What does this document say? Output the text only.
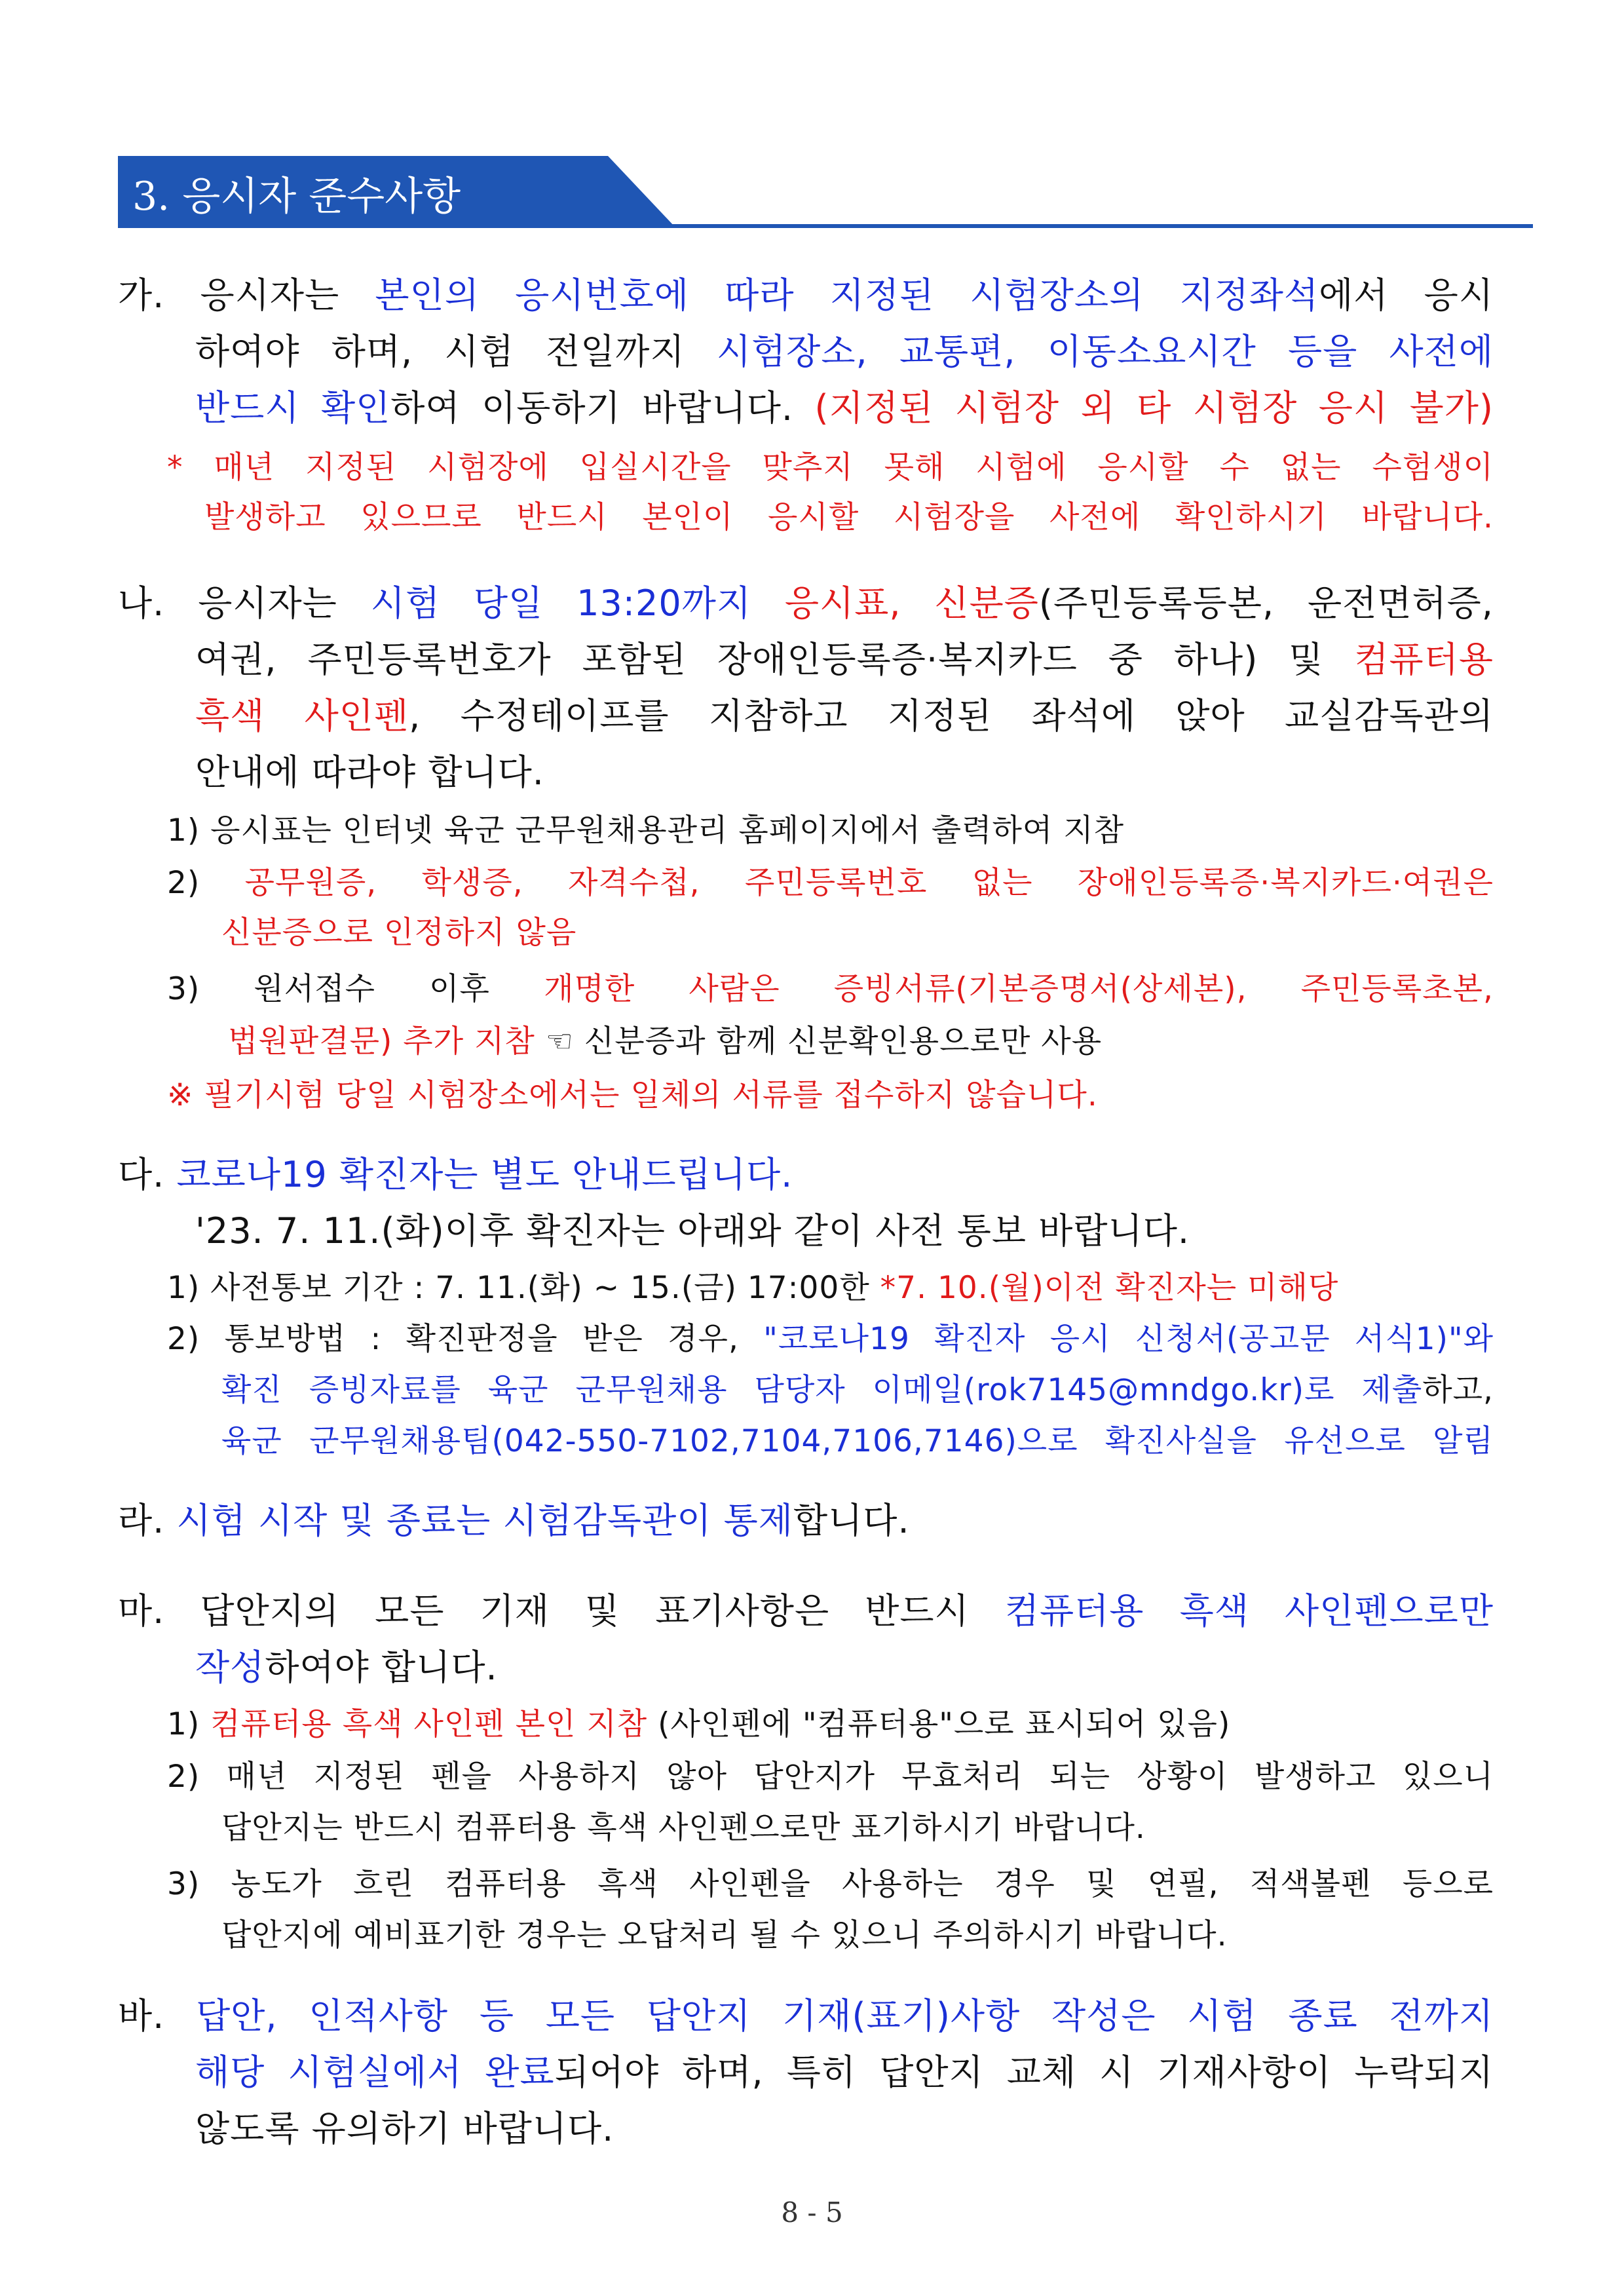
3. 응시자 준수사항
가. 응시자는 본인의 응시번호에 따라 지정된 시험장소의 지정좌석에서 응시
하여야 하며, 시험 전일까지 시험장소, 교통편, 이동소요시간 등을 사전에
반드시 확인하여 이동하기 바랍니다. (지정된 시험장 외 타 시험장 응시 불가)
* 매년 지정된 시험장에 입실시간을 맞추지 못해 시험에 응시할 수 없는 수험생이
발생하고 있으므로 반드시 본인이 응시할 시험장을 사전에 확인하시기 바랍니다.
나. 응시자는 시험 당일 13:20까지 응시표, 신분증(주민등록등본, 운전면허증,
여권, 주민등록번호가 포함된 장애인등록증·복지카드 중 하나) 및 컴퓨터용
흑색 사인펜, 수정테이프를 지참하고 지정된 좌석에 앉아 교실감독관의
안내에 따라야 합니다.
1) 응시표는 인터넷 육군 군무원채용관리 홈페이지에서 출력하여 지참
2) 공무원증, 학생증, 자격수첩, 주민등록번호 없는 장애인등록증·복지카드·여권은
신분증으로 인정하지 않음
3) 원서접수 이후 개명한 사람은 증빙서류(기본증명서(상세본), 주민등록초본,
법원판결문) 추가 지참 ☜ 신분증과 함께 신분확인용으로만 사용
※ 필기시험 당일 시험장소에서는 일체의 서류를 접수하지 않습니다.
다. 코로나19 확진자는 별도 안내드립니다.
'23. 7. 11.(화)이후 확진자는 아래와 같이 사전 통보 바랍니다.
1) 사전통보 기간 : 7. 11.(화) ~ 15.(금) 17:00한 *7. 10.(월)이전 확진자는 미해당
2) 통보방법 : 확진판정을 받은 경우, "코로나19 확진자 응시 신청서(공고문 서식1)"와
확진 증빙자료를 육군 군무원채용 담당자 이메일(rok7145@mndgo.kr)로 제출하고,
육군 군무원채용팀(042-550-7102,7104,7106,7146)으로 확진사실을 유선으로 알림
라. 시험 시작 및 종료는 시험감독관이 통제합니다.
마. 답안지의 모든 기재 및 표기사항은 반드시 컴퓨터용 흑색 사인펜으로만
작성하여야 합니다.
1) 컴퓨터용 흑색 사인펜 본인 지참 (사인펜에 "컴퓨터용"으로 표시되어 있음)
2) 매년 지정된 펜을 사용하지 않아 답안지가 무효처리 되는 상황이 발생하고 있으니
답안지는 반드시 컴퓨터용 흑색 사인펜으로만 표기하시기 바랍니다.
3) 농도가 흐린 컴퓨터용 흑색 사인펜을 사용하는 경우 및 연필, 적색볼펜 등으로
답안지에 예비표기한 경우는 오답처리 될 수 있으니 주의하시기 바랍니다.
바. 답안, 인적사항 등 모든 답안지 기재(표기)사항 작성은 시험 종료 전까지
해당 시험실에서 완료되어야 하며, 특히 답안지 교체 시 기재사항이 누락되지
않도록 유의하기 바랍니다.
8 - 5
